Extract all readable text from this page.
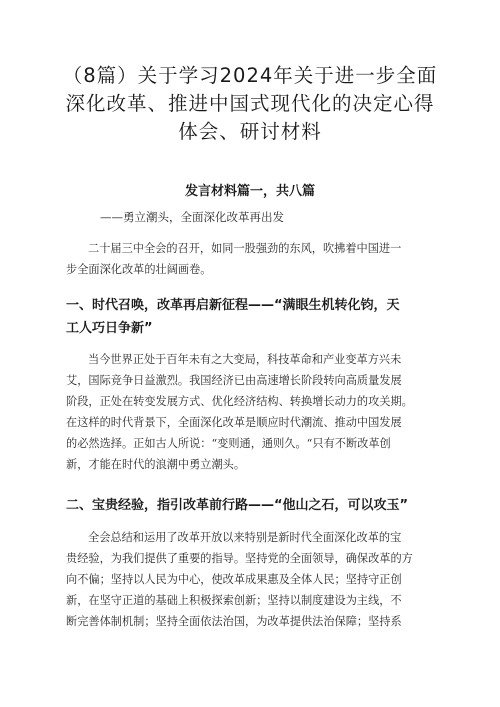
（8篇）关于学习2024年关于进一步全面
深化改革、推进中国式现代化的决定心得
体会、研讨材料
发言材料篇一，共八篇
——勇立潮头，全面深化改革再出发
二十届三中全会的召开，如同一股强劲的东风，吹拂着中国进一
步全面深化改革的壮阔画卷。
一、时代召唤，改革再启新征程——“满眼生机转化钧，天
工人巧日争新”
当今世界正处于百年未有之大变局，科技革命和产业变革方兴未
艾，国际竞争日益激烈。我国经济已由高速增长阶段转向高质量发展
阶段，正处在转变发展方式、优化经济结构、转换增长动力的攻关期。
在这样的时代背景下，全面深化改革是顺应时代潮流、推动中国发展
的必然选择。正如古人所说：“变则通，通则久。“只有不断改革创
新，才能在时代的浪潮中勇立潮头。
二、宝贵经验，指引改革前行路——“他山之石，可以攻玉”
全会总结和运用了改革开放以来特别是新时代全面深化改革的宝
贵经验，为我们提供了重要的指导。坚持党的全面领导，确保改革的方
向不偏；坚持以人民为中心，使改革成果惠及全体人民；坚持守正创
新，在坚守正道的基础上积极探索创新；坚持以制度建设为主线，不
断完善体制机制；坚持全面依法治国，为改革提供法治保障；坚持系
